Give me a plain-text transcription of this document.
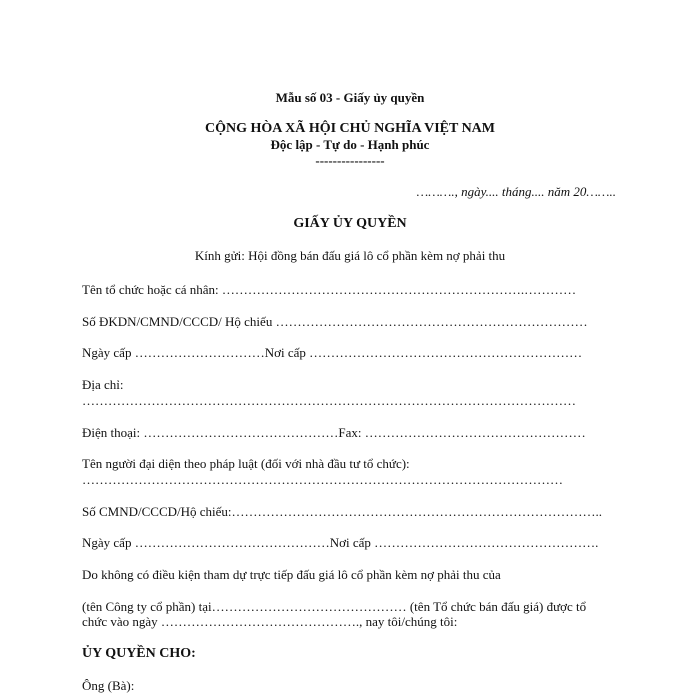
Mẫu số 03 - Giấy ủy quyền
CỘNG HÒA XÃ HỘI CHỦ NGHĨA VIỆT NAM
Độc lập - Tự do - Hạnh phúc
----------------
………., ngày.... tháng.... năm 20……..
GIẤY ỦY QUYỀN
Kính gửi: Hội đồng bán đấu giá lô cổ phần kèm nợ phải thu
Tên tổ chức hoặc cá nhân: …………………………………………………………….…………
Số ĐKDN/CMND/CCCD/ Hộ chiếu ………………………………………………………………
Ngày cấp …………………………Nơi cấp ………………………………………………………
Địa chỉ:
……………………………………………………………………………………………………
Điện thoại: ………………………………………Fax: ……………………………………………
Tên người đại diện theo pháp luật (đối với nhà đầu tư tổ chức):
…………………………………………………………………………………………………
Số CMND/CCCD/Hộ chiếu:…………………………………………………………………………..
Ngày cấp ………………………………………Nơi cấp …………………………………………….
Do không có điều kiện tham dự trực tiếp đấu giá lô cổ phần kèm nợ phải thu của
(tên Công ty cổ phần) tại……………………………………… (tên Tổ chức bán đấu giá) được tổ
chức vào ngày ………………………………………., nay tôi/chúng tôi:
ỦY QUYỀN CHO:
Ông (Bà):
